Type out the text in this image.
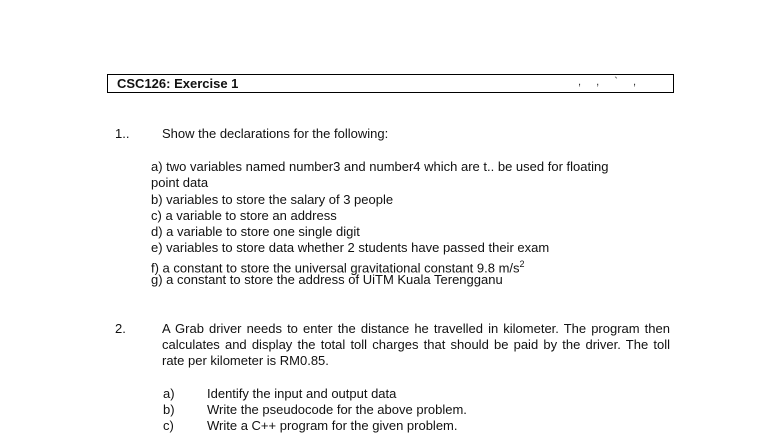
CSC126: Exercise 1	, , ` ,
1..	Show the declarations for the following:
a) two variables named number3 and number4 which are t.. be used for floating
point data
b) variables to store the salary of 3 people
c) a variable to store an address
d) a variable to store one single digit
e) variables to store data whether 2 students have passed their exam
f) a constant to store the universal gravitational constant 9.8 $m/s^2$
g) a constant to store the address of UiTM Kuala Terengganu
2.	A Grab driver needs to enter the distance he travelled in kilometer. The program then calculates and display the total toll charges that should be paid by the driver. The toll rate per kilometer is RM0.85.
a) Identify the input and output data
b) Write the pseudocode for the above problem.
c)	Write a C++ program for the given problem.
